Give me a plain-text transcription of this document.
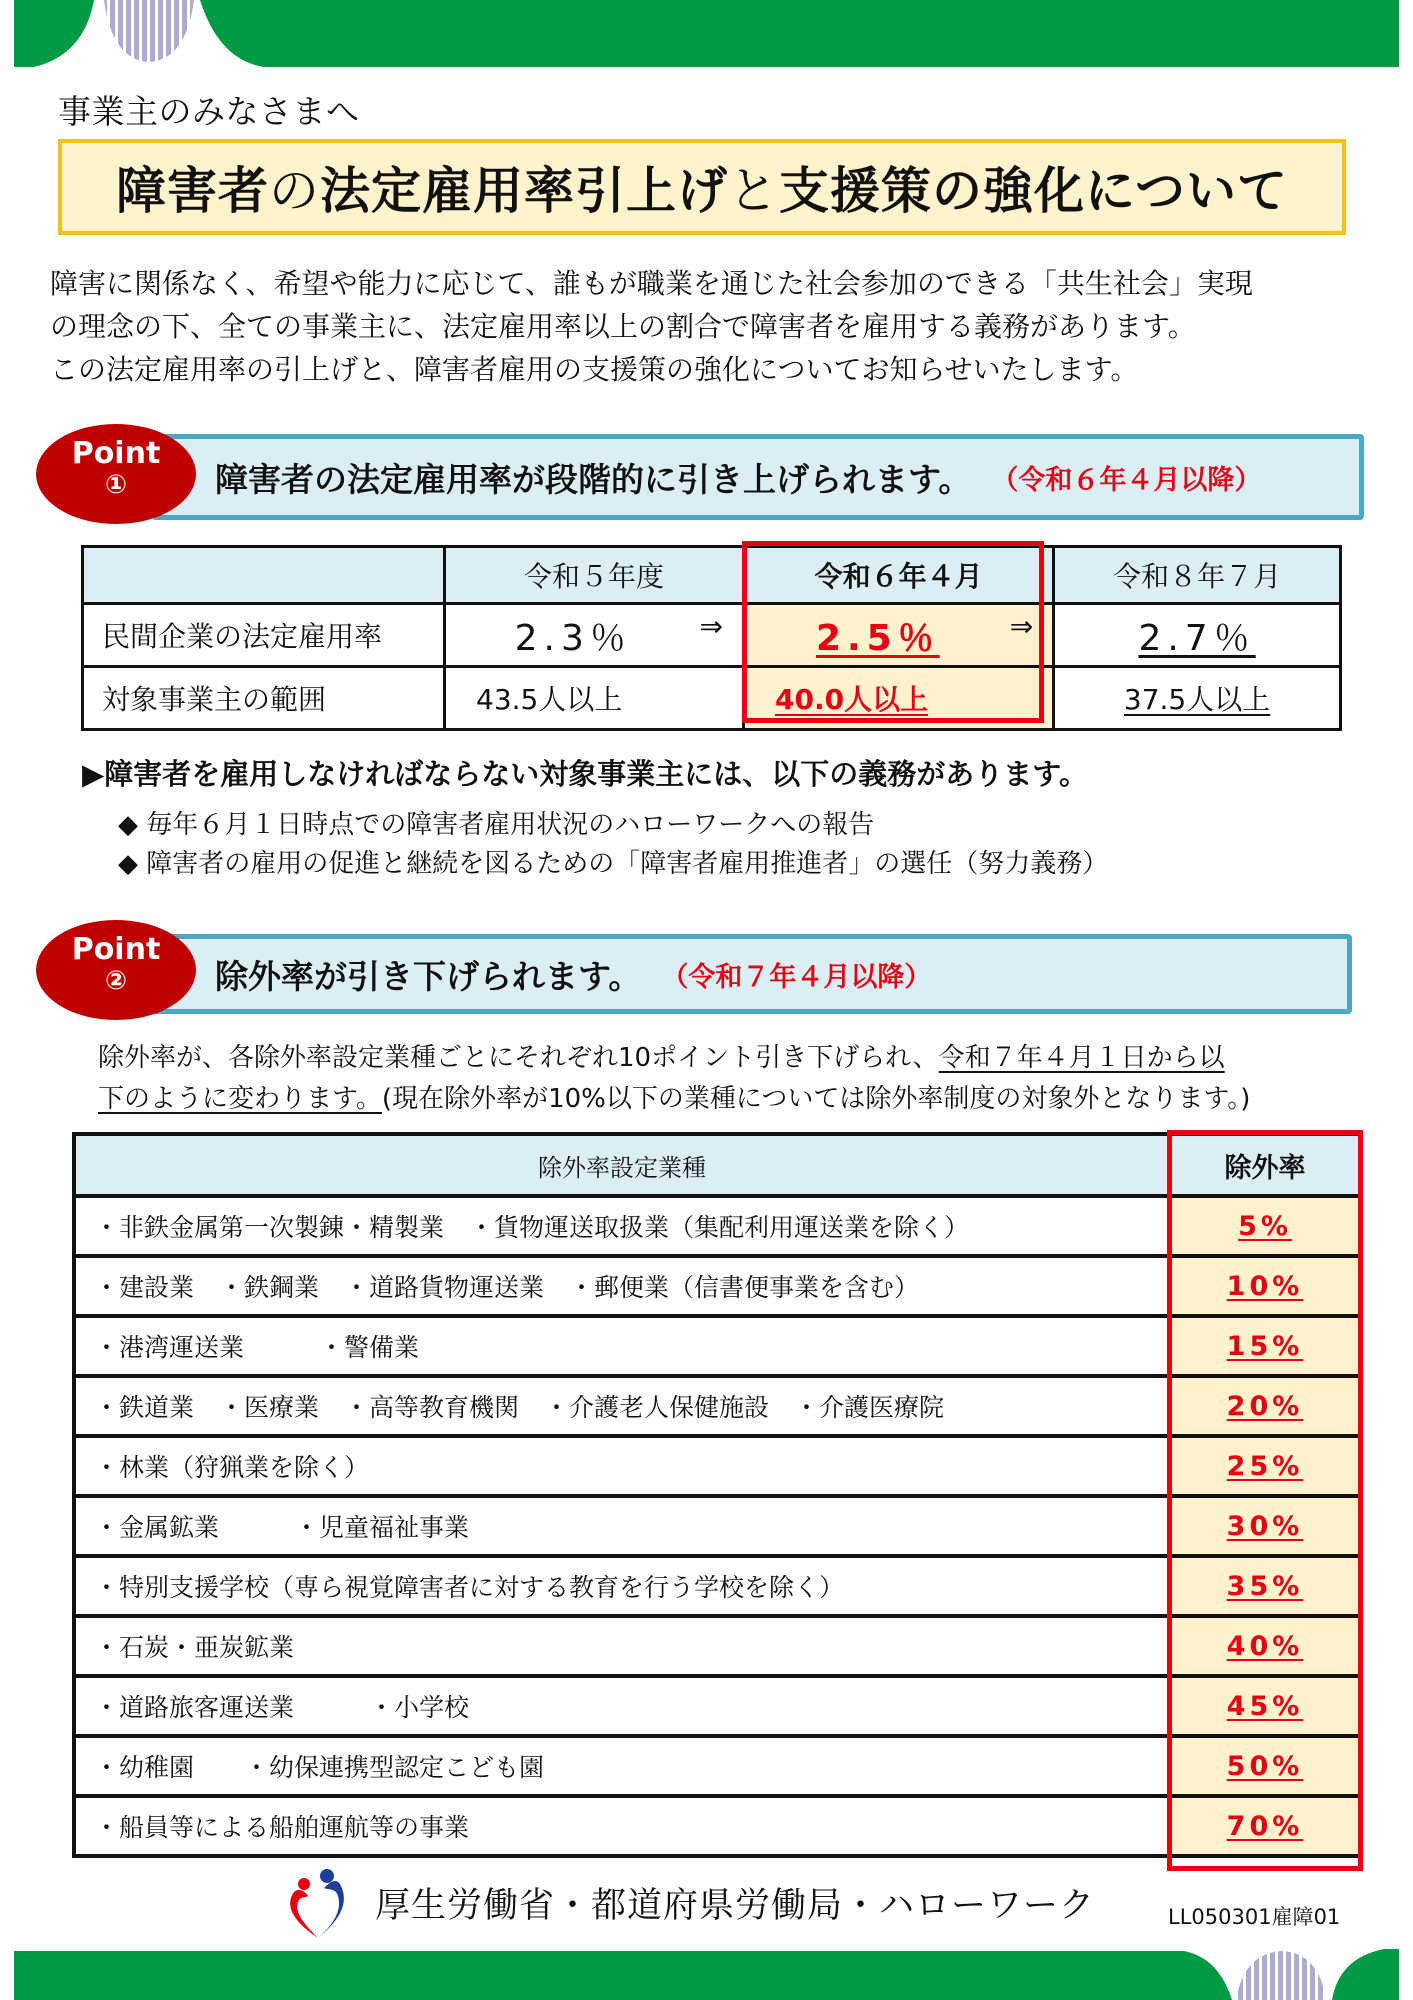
事業主のみなさまへ
障害者 の 法定雇用率引上げ と 支援策の強化について
障害に関係なく、希望や能力に応じて、誰もが職業を通じた社会参加のできる「共生社会」実現
の理念の下、全ての事業主に、法定雇用率以上の割合で障害者を雇用する義務があります。
この法定雇用率の引上げと、障害者雇用の支援策の強化についてお知らせいたします。
障害者の法定雇用率が段階的に引き上げられます。 （令和６年４月以降）
Point
①
	令和５年度	令和６年４月	令和８年７月
民間企業の法定雇用率	2.3％ ⇒	2.5％ ⇒	2.7％
対象事業主の範囲	43.5人以上	40.0人以上	37.5人以上
▶障害者を雇用しなければならない対象事業主には、以下の義務があります。
◆ 毎年６月１日時点での障害者雇用状況のハローワークへの報告
◆ 障害者の雇用の促進と継続を図るための「障害者雇用推進者」の選任（努力義務）
除外率が引き下げられます。 （令和７年４月以降）
Point
②
除外率が、各除外率設定業種ごとにそれぞれ10ポイント引き下げられ、令和７年４月１日から以
下のように変わります。(現在除外率が10%以下の業種については除外率制度の対象外となります。)
除外率設定業種	除外率
・非鉄金属第一次製錬・精製業　・貨物運送取扱業（集配利用運送業を除く）	5%
・建設業　・鉄鋼業　・道路貨物運送業　・郵便業（信書便事業を含む）	10%
・港湾運送業　　　・警備業	15%
・鉄道業　・医療業　・高等教育機関　・介護老人保健施設　・介護医療院	20%
・林業（狩猟業を除く）	25%
・金属鉱業　　　・児童福祉事業	30%
・特別支援学校（専ら視覚障害者に対する教育を行う学校を除く）	35%
・石炭・亜炭鉱業	40%
・道路旅客運送業　　　・小学校	45%
・幼稚園　　・幼保連携型認定こども園	50%
・船員等による船舶運航等の事業	70%
厚生労働省・都道府県労働局・ハローワーク	LL050301雇障01
